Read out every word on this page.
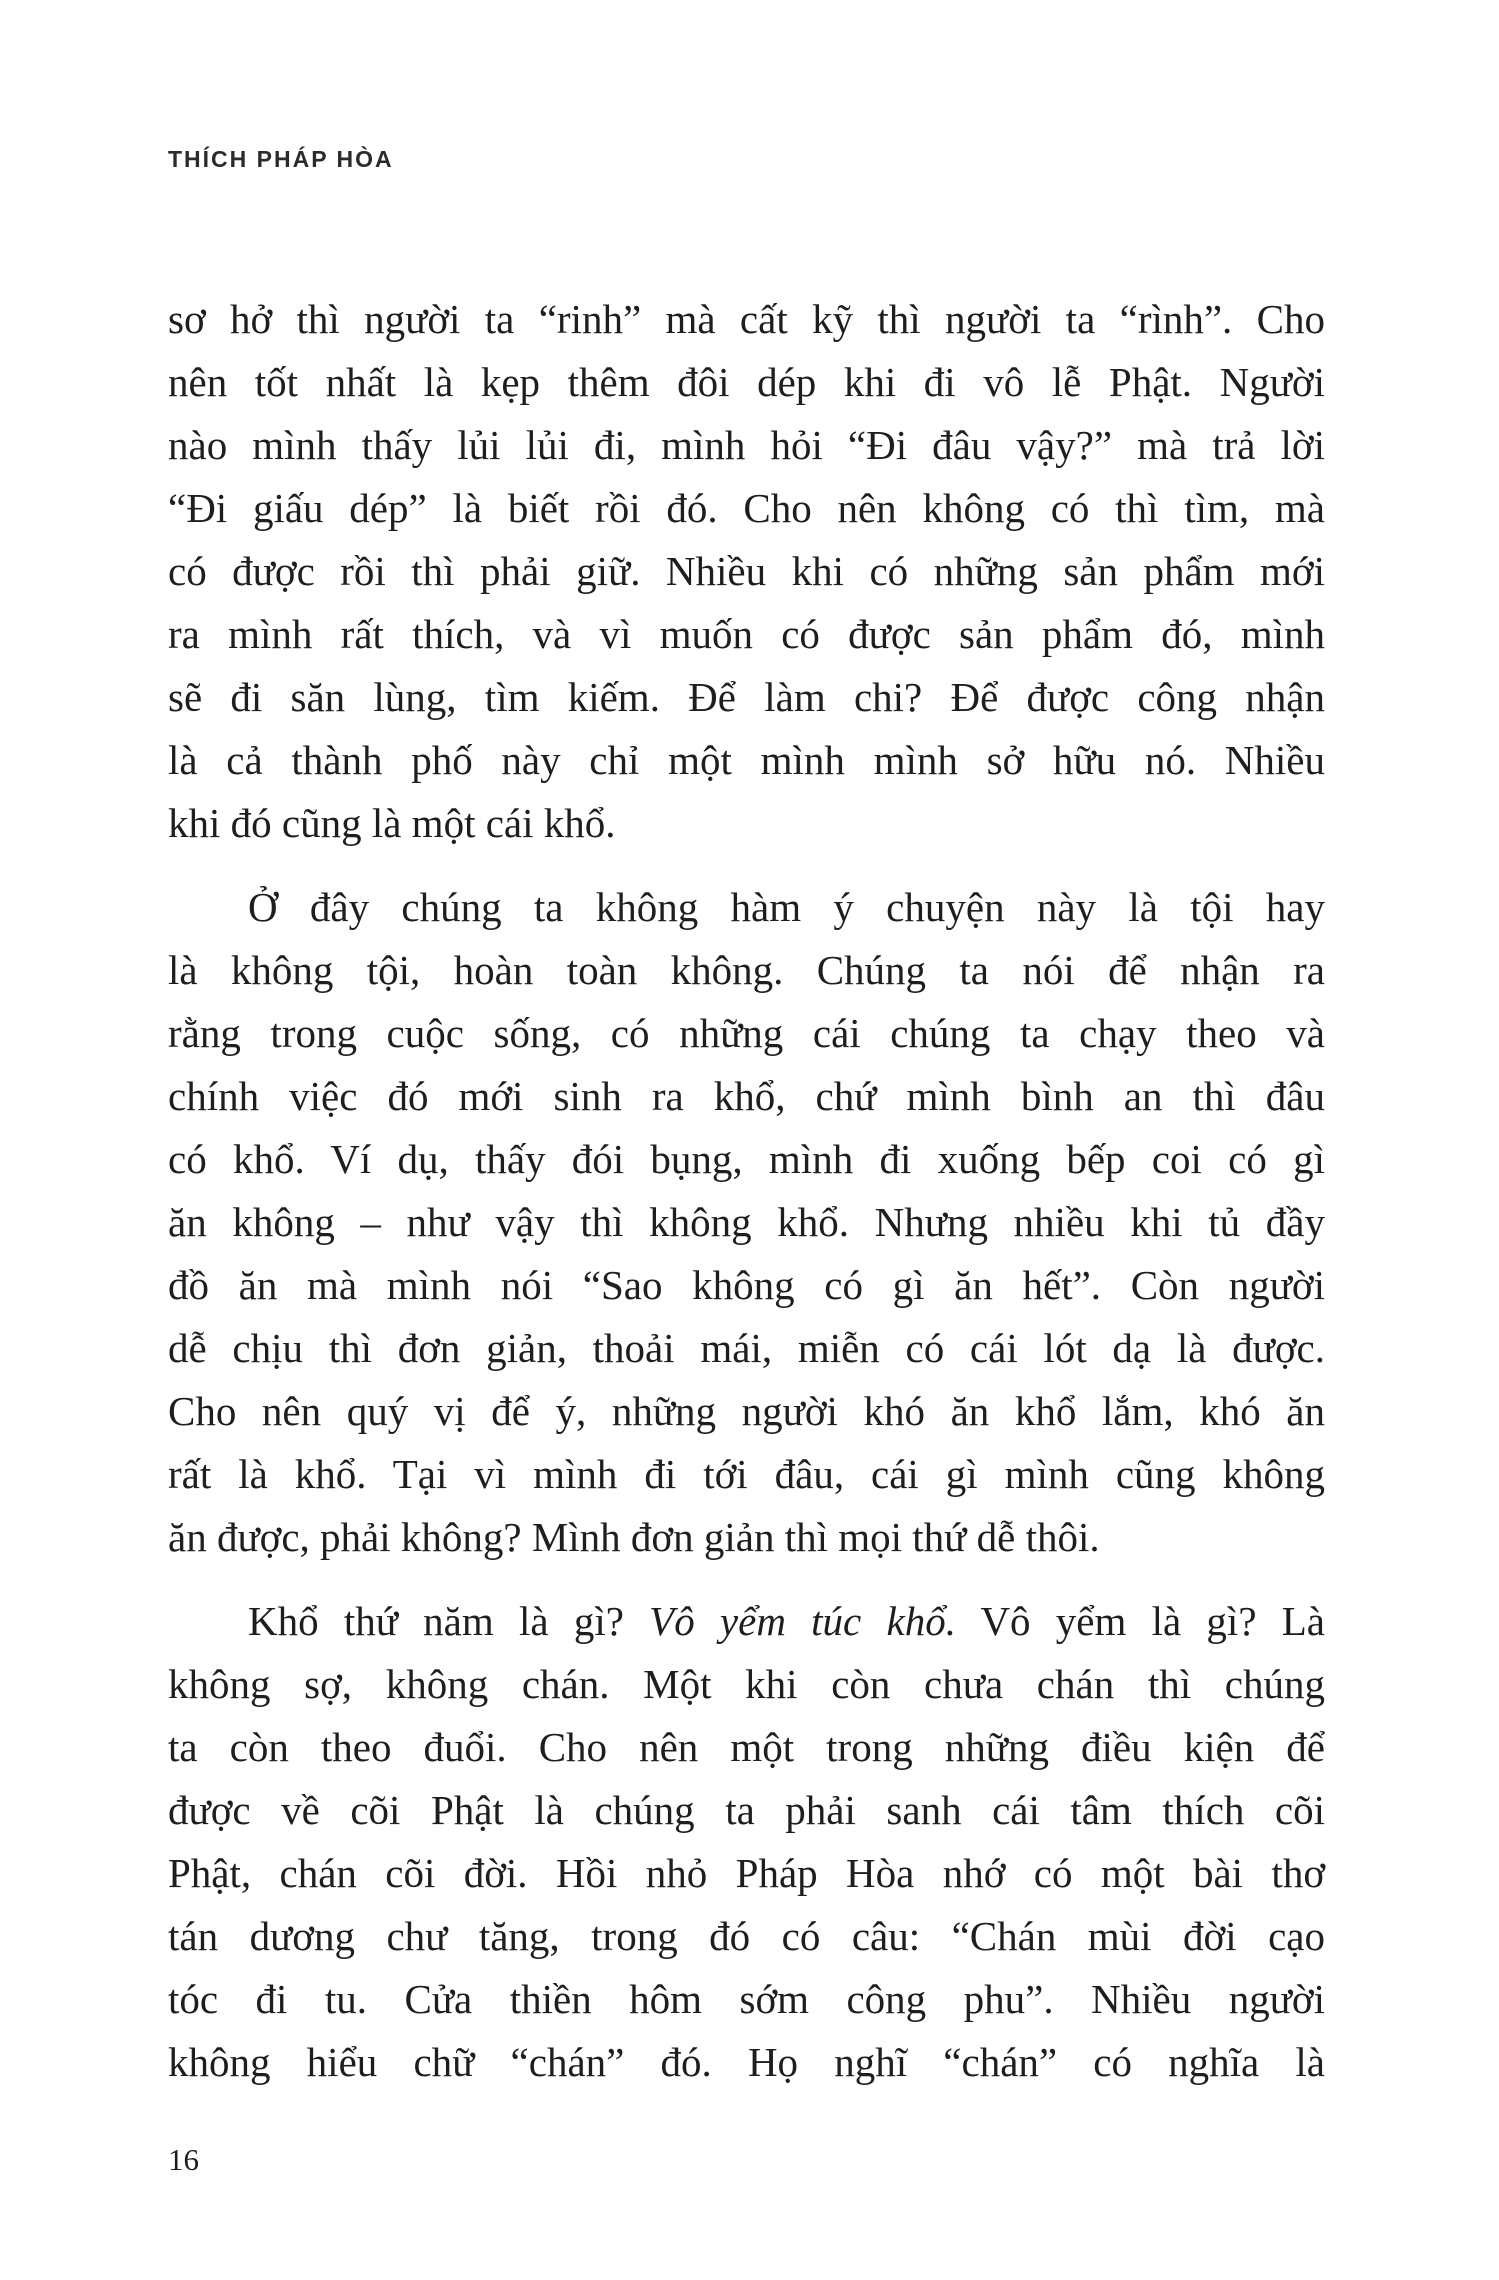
THÍCH PHÁP HÒA
sơ hở thì người ta “rinh” mà cất kỹ thì người ta “rình”. Cho
nên tốt nhất là kẹp thêm đôi dép khi đi vô lễ Phật. Người
nào mình thấy lủi lủi đi, mình hỏi “Đi đâu vậy?” mà trả lời
“Đi giấu dép” là biết rồi đó. Cho nên không có thì tìm, mà
có được rồi thì phải giữ. Nhiều khi có những sản phẩm mới
ra mình rất thích, và vì muốn có được sản phẩm đó, mình
sẽ đi săn lùng, tìm kiếm. Để làm chi? Để được công nhận
là cả thành phố này chỉ một mình mình sở hữu nó. Nhiều
khi đó cũng là một cái khổ.
Ở đây chúng ta không hàm ý chuyện này là tội hay
là không tội, hoàn toàn không. Chúng ta nói để nhận ra
rằng trong cuộc sống, có những cái chúng ta chạy theo và
chính việc đó mới sinh ra khổ, chứ mình bình an thì đâu
có khổ. Ví dụ, thấy đói bụng, mình đi xuống bếp coi có gì
ăn không – như vậy thì không khổ. Nhưng nhiều khi tủ đầy
đồ ăn mà mình nói “Sao không có gì ăn hết”. Còn người
dễ chịu thì đơn giản, thoải mái, miễn có cái lót dạ là được.
Cho nên quý vị để ý, những người khó ăn khổ lắm, khó ăn
rất là khổ. Tại vì mình đi tới đâu, cái gì mình cũng không
ăn được, phải không? Mình đơn giản thì mọi thứ dễ thôi.
Khổ thứ năm là gì? Vô yểm túc khổ. Vô yểm là gì? Là
không sợ, không chán. Một khi còn chưa chán thì chúng
ta còn theo đuổi. Cho nên một trong những điều kiện để
được về cõi Phật là chúng ta phải sanh cái tâm thích cõi
Phật, chán cõi đời. Hồi nhỏ Pháp Hòa nhớ có một bài thơ
tán dương chư tăng, trong đó có câu: “Chán mùi đời cạo
tóc đi tu. Cửa thiền hôm sớm công phu”. Nhiều người
không hiểu chữ “chán” đó. Họ nghĩ “chán” có nghĩa là
16
